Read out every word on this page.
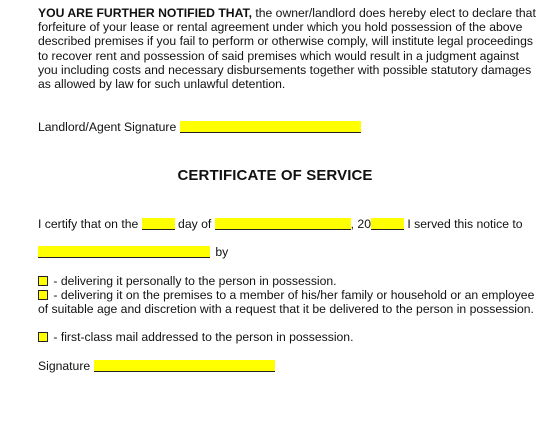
YOU ARE FURTHER NOTIFIED THAT, the owner/landlord does hereby elect to declare that forfeiture of your lease or rental agreement under which you hold possession of the above described premises if you fail to perform or otherwise comply, will institute legal proceedings to recover rent and possession of said premises which would result in a judgment against you including costs and necessary disbursements together with possible statutory damages as allowed by law for such unlawful detention.

Landlord/Agent Signature
CERTIFICATE OF SERVICE
I certify that on the	day of	, 20	I served this notice to
by
- delivering it personally to the person in possession.
- delivering it on the premises to a member of his/her family or household or an employee of suitable age and discretion with a request that it be delivered to the person in possession.
- first-class mail addressed to the person in possession.
Signature
